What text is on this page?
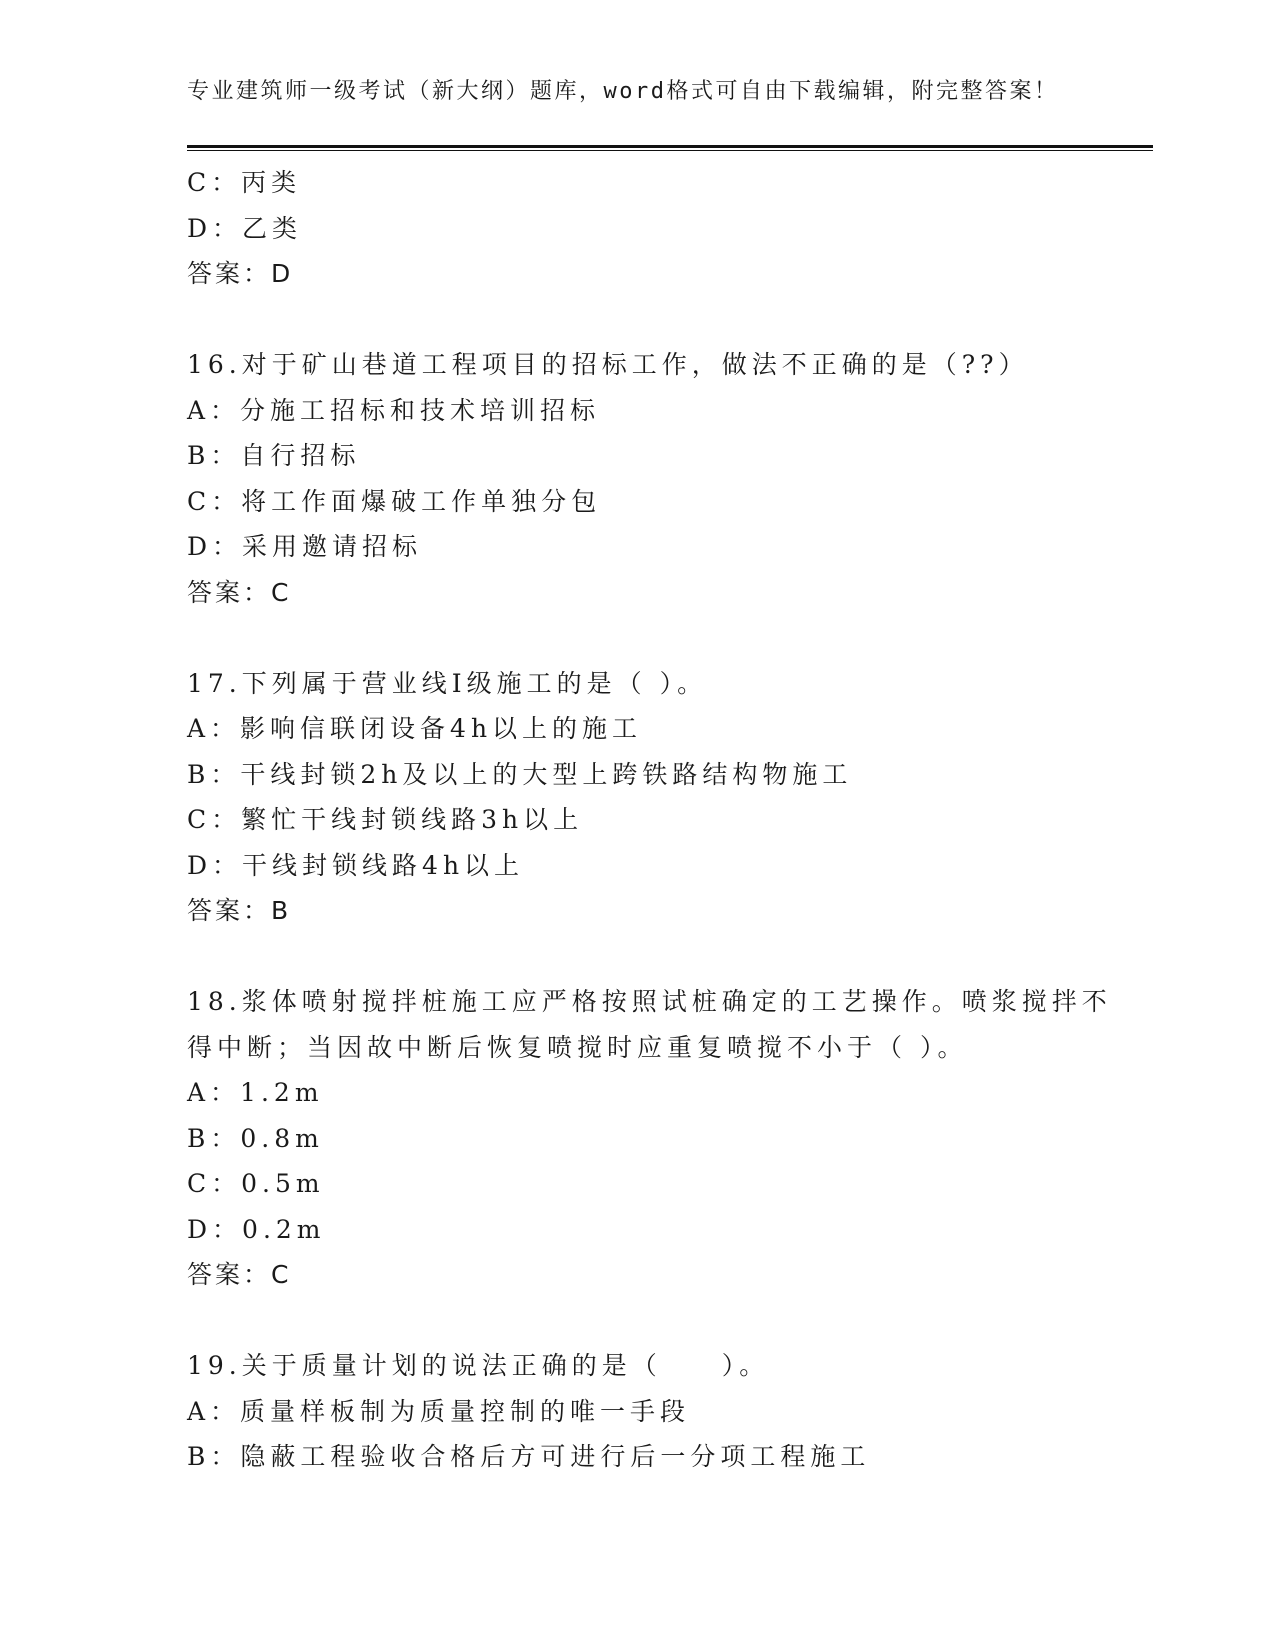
专业建筑师一级考试（新大纲）题库，word格式可自由下载编辑，附完整答案！
C：丙类
D：乙类
答案：D
16.对于矿山巷道工程项目的招标工作，做法不正确的是（??）
A：分施工招标和技术培训招标
B：自行招标
C：将工作面爆破工作单独分包
D：采用邀请招标
答案：C
17.下列属于营业线Ⅰ级施工的是（ ）。
A：影响信联闭设备4h以上的施工
B：干线封锁2h及以上的大型上跨铁路结构物施工
C：繁忙干线封锁线路3h以上
D：干线封锁线路4h以上
答案：B
18.浆体喷射搅拌桩施工应严格按照试桩确定的工艺操作。喷浆搅拌不
得中断；当因故中断后恢复喷搅时应重复喷搅不小于（ ）。
A：1.2m
B：0.8m
C：0.5m
D：0.2m
答案：C
19.关于质量计划的说法正确的是（　　）。
A：质量样板制为质量控制的唯一手段
B：隐蔽工程验收合格后方可进行后一分项工程施工
